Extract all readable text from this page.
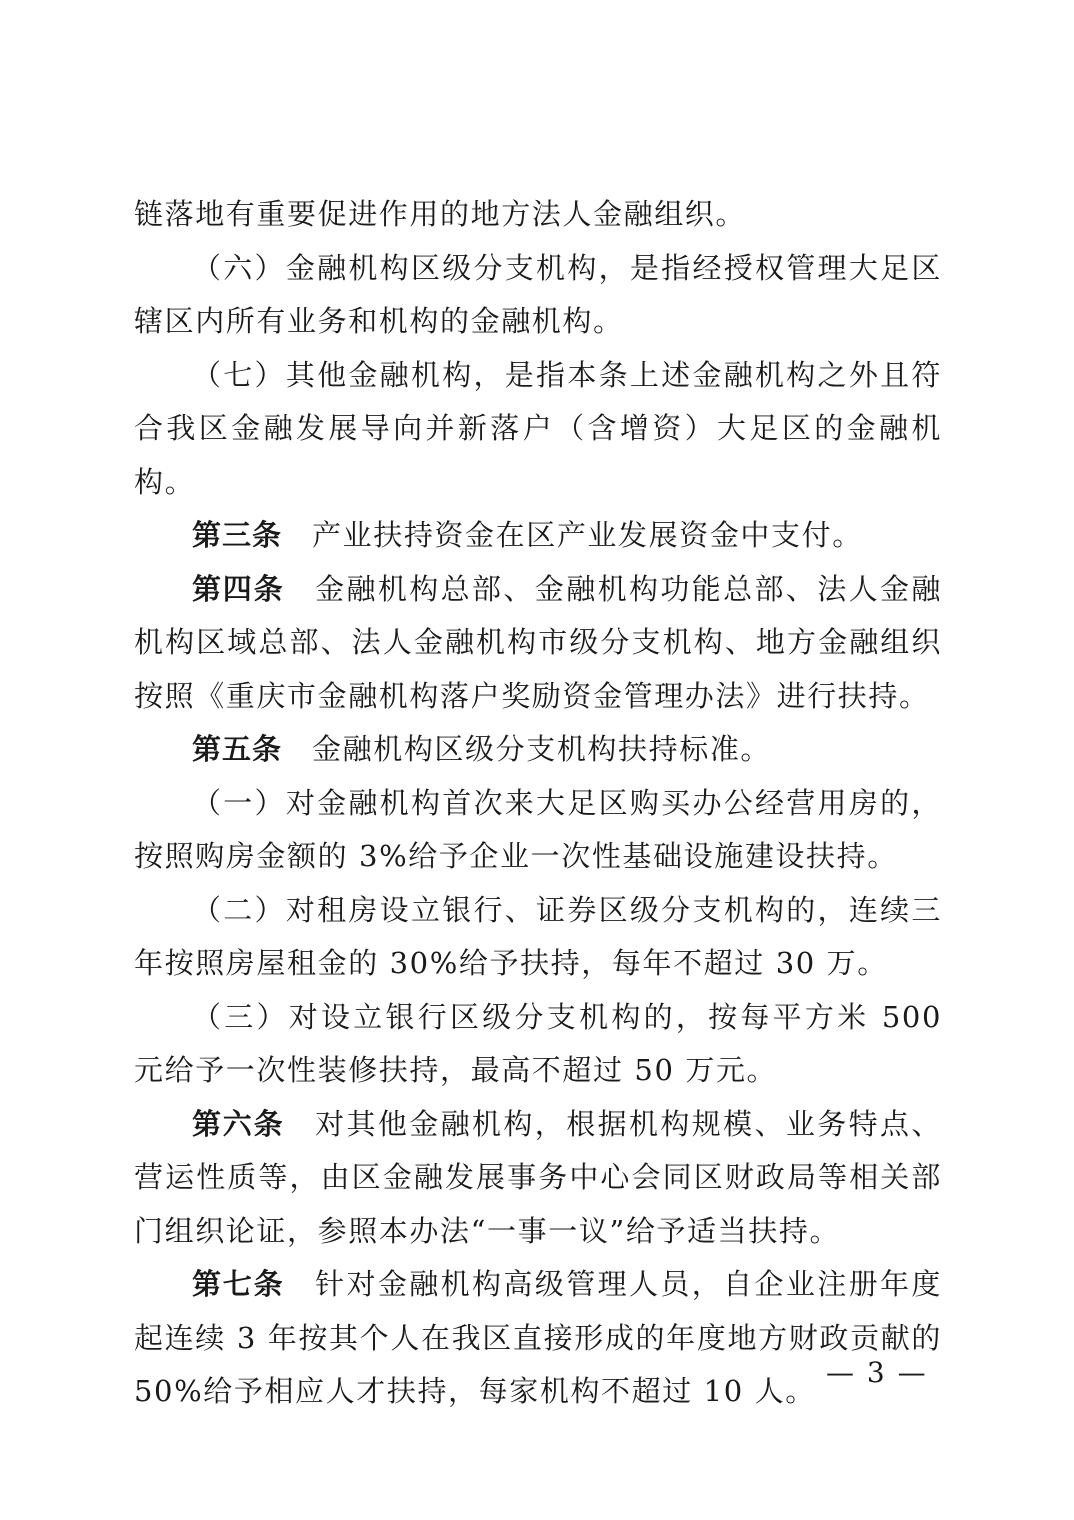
链落地有重要促进作用的地方法人金融组织。

（六）金融机构区级分支机构，是指经授权管理大足区辖区内所有业务和机构的金融机构。

（七）其他金融机构，是指本条上述金融机构之外且符合我区金融发展导向并新落户（含增资）大足区的金融机构。

第三条 产业扶持资金在区产业发展资金中支付。

第四条 金融机构总部、金融机构功能总部、法人金融机构区域总部、法人金融机构市级分支机构、地方金融组织按照《重庆市金融机构落户奖励资金管理办法》进行扶持。

第五条 金融机构区级分支机构扶持标准。

（一）对金融机构首次来大足区购买办公经营用房的，按照购房金额的 3%给予企业一次性基础设施建设扶持。

（二）对租房设立银行、证券区级分支机构的，连续三年按照房屋租金的 30%给予扶持，每年不超过 30 万。

（三）对设立银行区级分支机构的，按每平方米 500 元给予一次性装修扶持，最高不超过 50 万元。

第六条 对其他金融机构，根据机构规模、业务特点、营运性质等，由区金融发展事务中心会同区财政局等相关部门组织论证，参照本办法“一事一议”给予适当扶持。

第七条 针对金融机构高级管理人员，自企业注册年度起连续 3 年按其个人在我区直接形成的年度地方财政贡献的 50%给予相应人才扶持，每家机构不超过 10 人。

— 3 —
